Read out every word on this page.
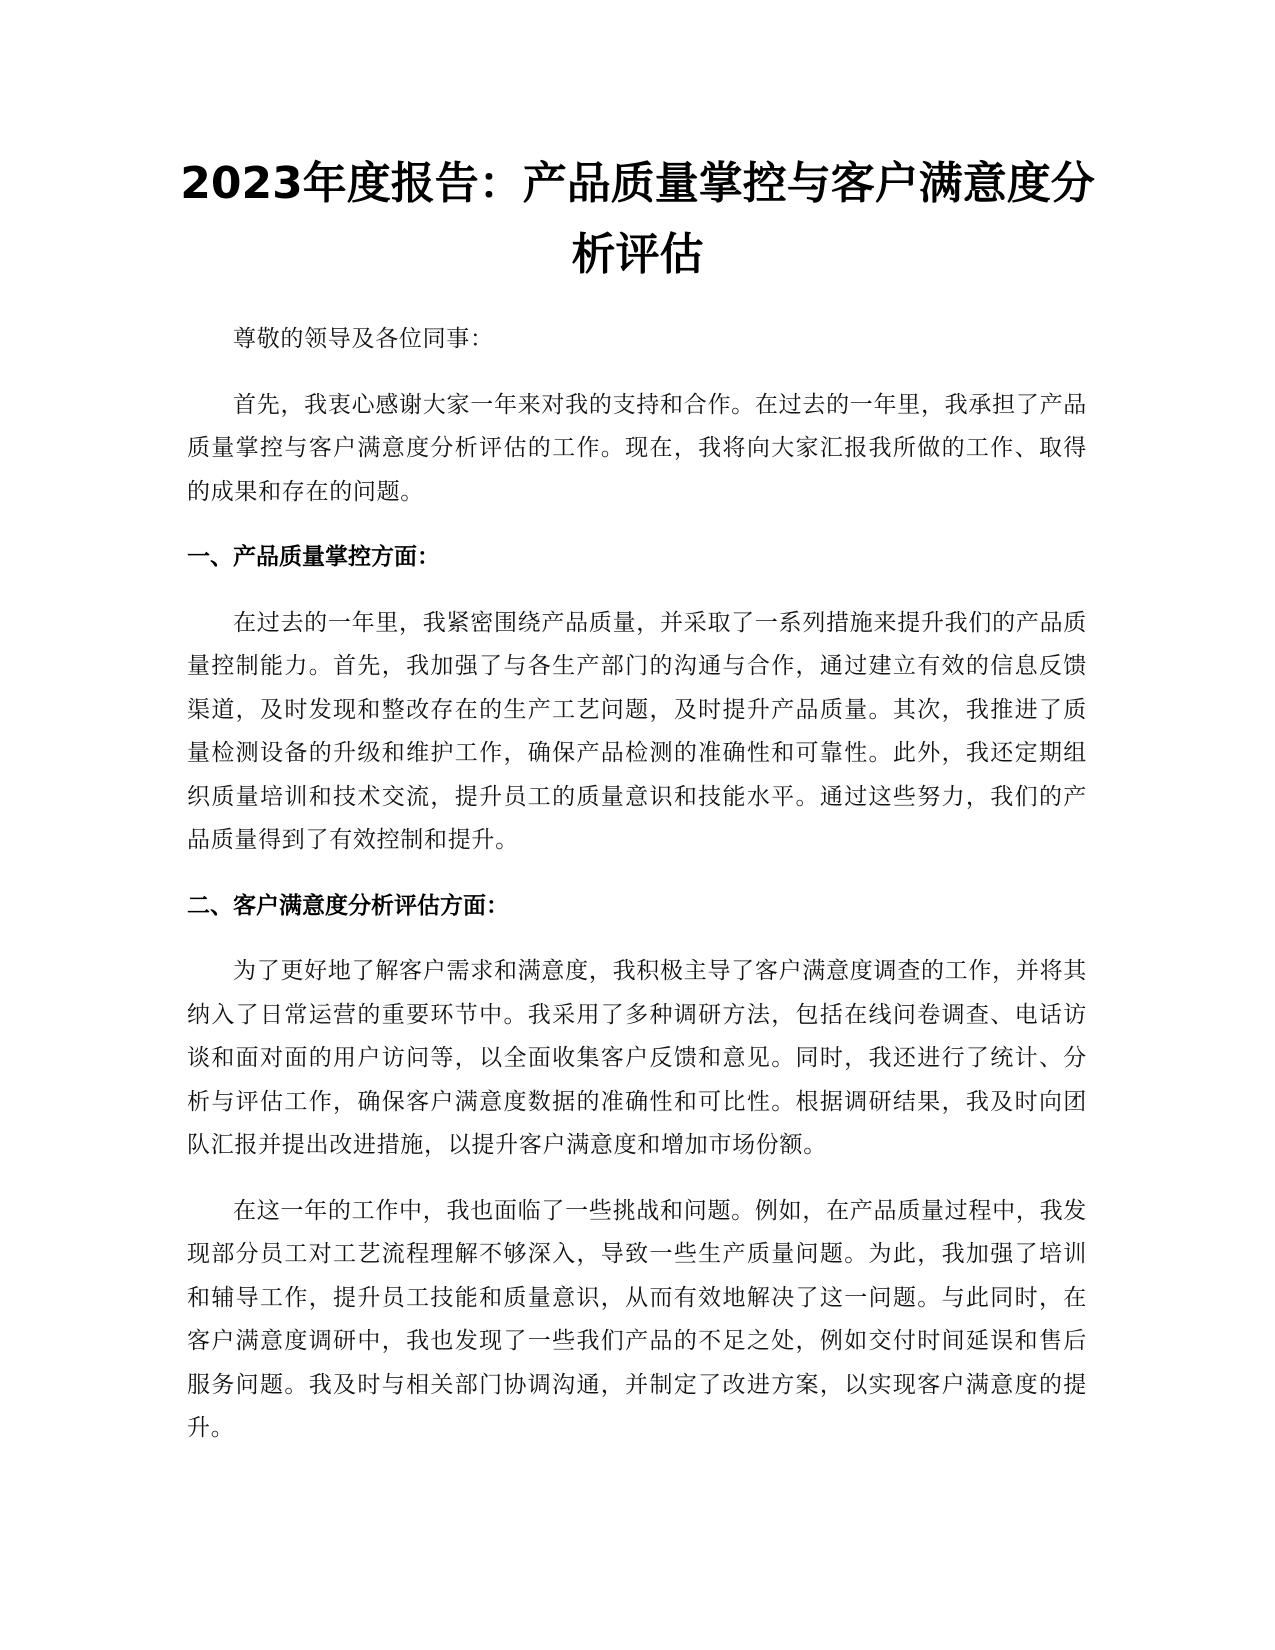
2023年度报告：产品质量掌控与客户满意度分析评估

尊敬的领导及各位同事：

首先，我衷心感谢大家一年来对我的支持和合作。在过去的一年里，我承担了产品质量掌控与客户满意度分析评估的工作。现在，我将向大家汇报我所做的工作、取得的成果和存在的问题。

一、产品质量掌控方面：

在过去的一年里，我紧密围绕产品质量，并采取了一系列措施来提升我们的产品质量控制能力。首先，我加强了与各生产部门的沟通与合作，通过建立有效的信息反馈渠道，及时发现和整改存在的生产工艺问题，及时提升产品质量。其次，我推进了质量检测设备的升级和维护工作，确保产品检测的准确性和可靠性。此外，我还定期组织质量培训和技术交流，提升员工的质量意识和技能水平。通过这些努力，我们的产品质量得到了有效控制和提升。

二、客户满意度分析评估方面：

为了更好地了解客户需求和满意度，我积极主导了客户满意度调查的工作，并将其纳入了日常运营的重要环节中。我采用了多种调研方法，包括在线问卷调查、电话访谈和面对面的用户访问等，以全面收集客户反馈和意见。同时，我还进行了统计、分析与评估工作，确保客户满意度数据的准确性和可比性。根据调研结果，我及时向团队汇报并提出改进措施，以提升客户满意度和增加市场份额。

在这一年的工作中，我也面临了一些挑战和问题。例如，在产品质量过程中，我发现部分员工对工艺流程理解不够深入，导致一些生产质量问题。为此，我加强了培训和辅导工作，提升员工技能和质量意识，从而有效地解决了这一问题。与此同时，在客户满意度调研中，我也发现了一些我们产品的不足之处，例如交付时间延误和售后服务问题。我及时与相关部门协调沟通，并制定了改进方案，以实现客户满意度的提升。
